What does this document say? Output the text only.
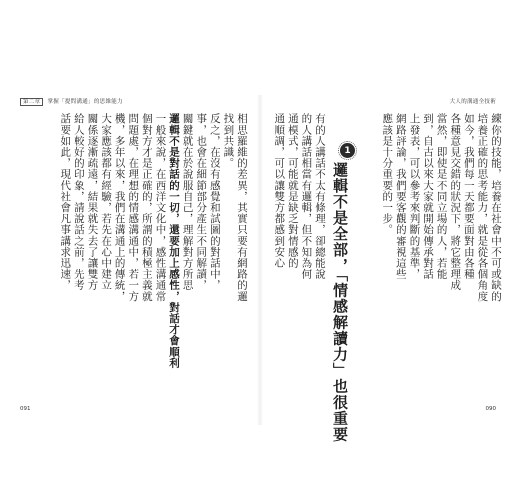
第二章 掌握「提問溝通」的思維能力
相思羅維的差異，其實只要有網路的邏
找到共識。
反之，在沒有感覺和試圖的對話中，
事，也會在細節部分產生不同解讀，
關鍵就在於說服自己，理解對方所思
邏輯不是對話的一切，還要加上感性，對話才會順利
一般來說，在西洋文化中，感性溝通常
個對方才是正確的，所謂的積極主義就
問題處，在理想的情感溝通中，若一方
機，多年以來，我們在溝通上的傳統，
大家應該都有經驗，若先在心中建立
關係逐漸疏遠，結果就失去了讓雙方
給人較好的印象，請說話之前，先考
話要如此，現代社會凡事講求迅速，
091
大人的溝通全技術
090
練你的技能，培養在社會中不可或缺的
培養正確的思考能力，就是從各個角度
如今，我們每一天都要面對由各種
各種意見交錯的狀況下，將它整理成
當然，即使是不同立場的人，若能
到，自古以來大家就開始傳承對話
上發表，可以參考來判斷的基準，
網路評論，我們要客觀的審視這些
應該是十分重要的一步。
1
邏輯不是全部，「情感解讀力」也很重要
有的人講話不太有條理，卻總能說
的人講話相當有邏輯，但不知為何
通模式，可能就是缺乏對情感的
通順調，可以讓雙方都感到安心
